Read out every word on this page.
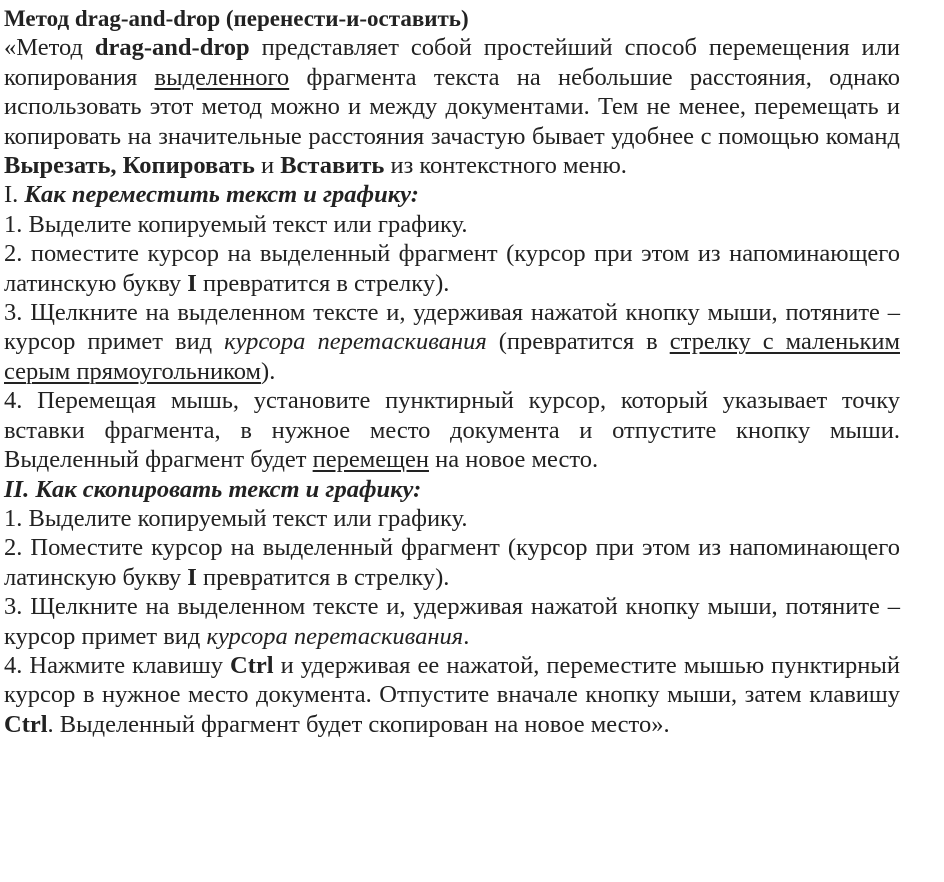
Метод drag-and-drop (перенести-и-оставить)

«Метод drag-and-drop представляет собой простейший способ перемещения или копирования выделенного фрагмента текста на небольшие расстояния, однако использовать этот метод можно и между документами. Тем не менее, перемещать и копировать на значительные расстояния зачастую бывает удобнее с помощью команд Вырезать, Копировать и Вставить из контекстного меню.

I. Как переместить текст и графику:

1. Выделите копируемый текст или графику.

2. поместите курсор на выделенный фрагмент (курсор при этом из напоминающего латинскую букву I превратится в стрелку).

3. Щелкните на выделенном тексте и, удерживая нажатой кнопку мыши, потяните – курсор примет вид курсора перетаскивания (превратится в стрелку с маленьким серым прямоугольником).

4. Перемещая мышь, установите пунктирный курсор, который указывает точку вставки фрагмента, в нужное место документа и отпустите кнопку мыши. Выделенный фрагмент будет перемещен на новое место.

II. Как скопировать текст и графику:

1. Выделите копируемый текст или графику.

2. Поместите курсор на выделенный фрагмент (курсор при этом из напоминающего латинскую букву I превратится в стрелку).

3. Щелкните на выделенном тексте и, удерживая нажатой кнопку мыши, потяните – курсор примет вид курсора перетаскивания.

4. Нажмите клавишу Ctrl и удерживая ее нажатой, переместите мышью пунктирный курсор в нужное место документа. Отпустите вначале кнопку мыши, затем клавишу Ctrl. Выделенный фрагмент будет скопирован на новое место».
